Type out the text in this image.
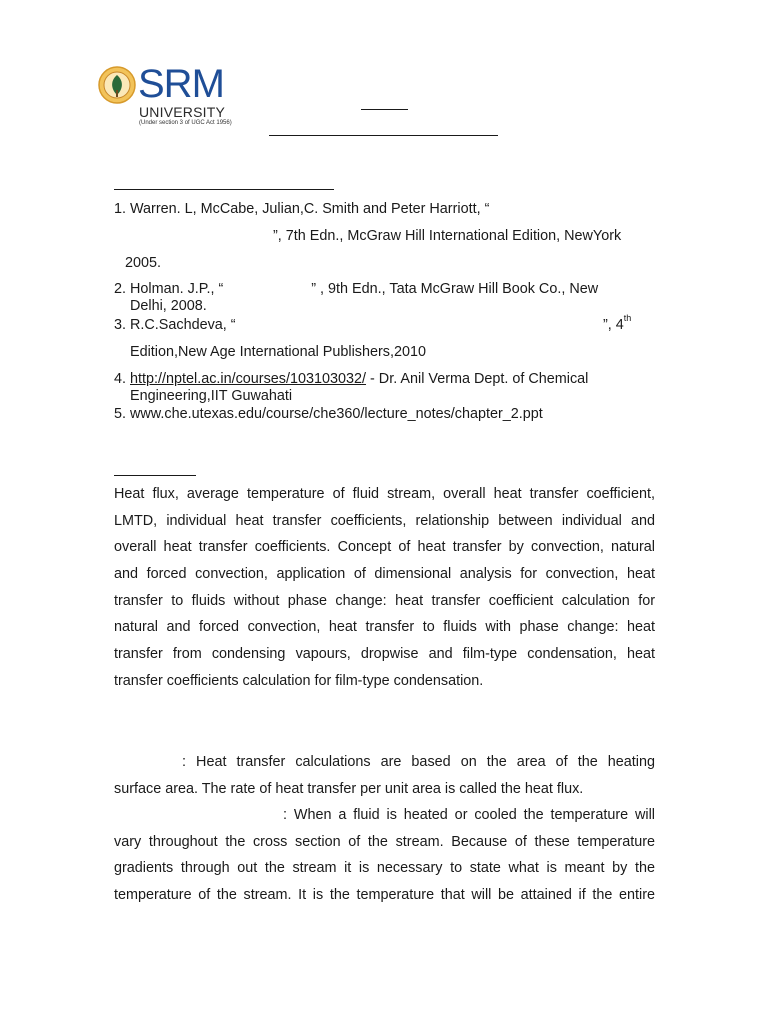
SRM
UNIVERSITY
(Under section 3 of UGC Act 1956)
1. Warren. L, McCabe, Julian,C. Smith and Peter Harriott, “
”, 7th Edn., McGraw Hill International Edition, NewYork
2005.
2. Holman. J.P., “                      ” , 9th Edn., Tata McGraw Hill Book Co., New
Delhi, 2008.
3. R.C.Sachdeva, “	”, 4th
Edition,New Age International Publishers,2010
4. http://nptel.ac.in/courses/103103032/ - Dr. Anil Verma Dept. of Chemical
Engineering,IIT Guwahati
5. www.che.utexas.edu/course/che360/lecture_notes/chapter_2.ppt
Heat flux, average temperature of fluid stream, overall heat transfer coefficient,
LMTD, individual heat transfer coefficients, relationship between individual and
overall heat transfer coefficients. Concept of heat transfer by convection, natural
and forced convection, application of dimensional analysis for convection, heat
transfer to fluids without phase change: heat transfer coefficient calculation for
natural and forced convection, heat transfer to fluids with phase change: heat
transfer from condensing vapours, dropwise and film-type condensation, heat
transfer coefficients calculation for film-type condensation.
: Heat transfer calculations are based on the area of the heating
surface area. The rate of heat transfer per unit area is called the heat flux.
: When a fluid is heated or cooled the temperature will
vary throughout the cross section of the stream. Because of these temperature
gradients through out the stream it is necessary to state what is meant by the
temperature of the stream. It is the temperature that will be attained if the entire
